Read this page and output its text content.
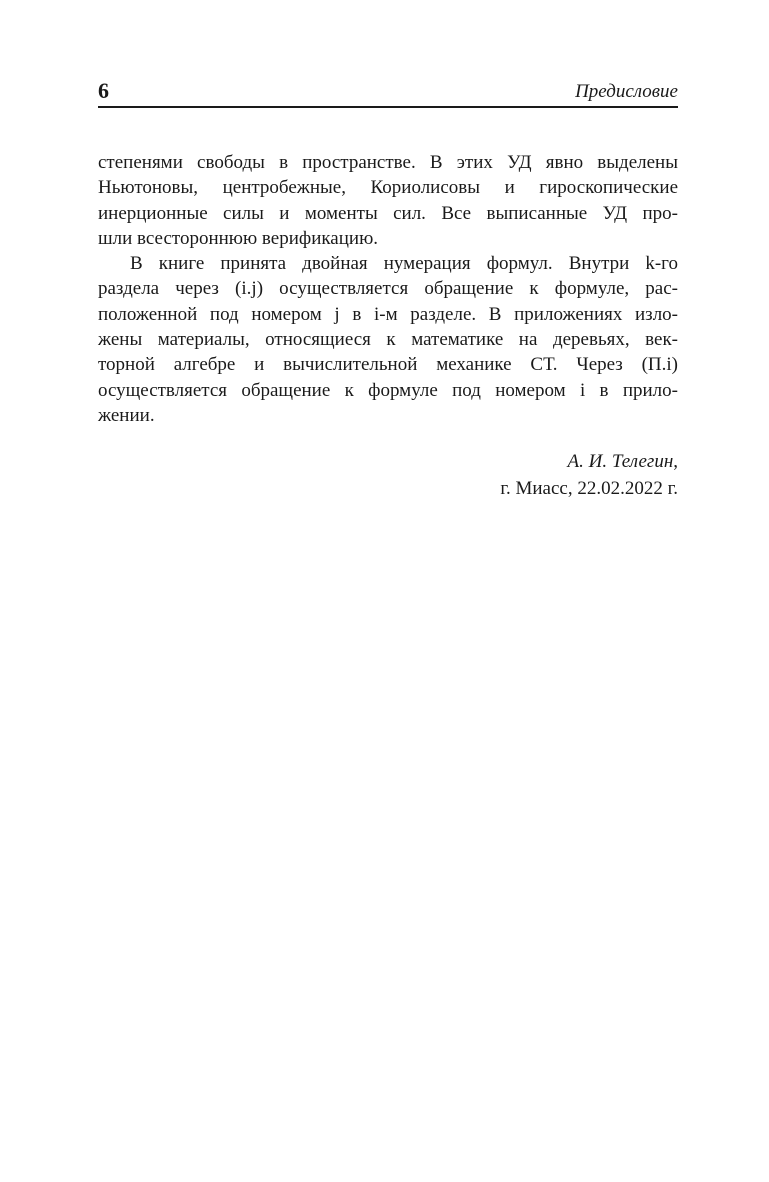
6	Предисловие
степенями свободы в пространстве. В этих УД явно выделены
Ньютоновы, центробежные, Кориолисовы и гироскопические
инерционные силы и моменты сил. Все выписанные УД про-
шли всестороннюю верификацию.
В книге принята двойная нумерация формул. Внутри k-го
раздела через (i.j) осуществляется обращение к формуле, рас-
положенной под номером j в i-м разделе. В приложениях изло-
жены материалы, относящиеся к математике на деревьях, век-
торной алгебре и вычислительной механике СТ. Через (П.i)
осуществляется обращение к формуле под номером i в прило-
жении.
А. И. Телегин,
г. Миасс, 22.02.2022 г.
